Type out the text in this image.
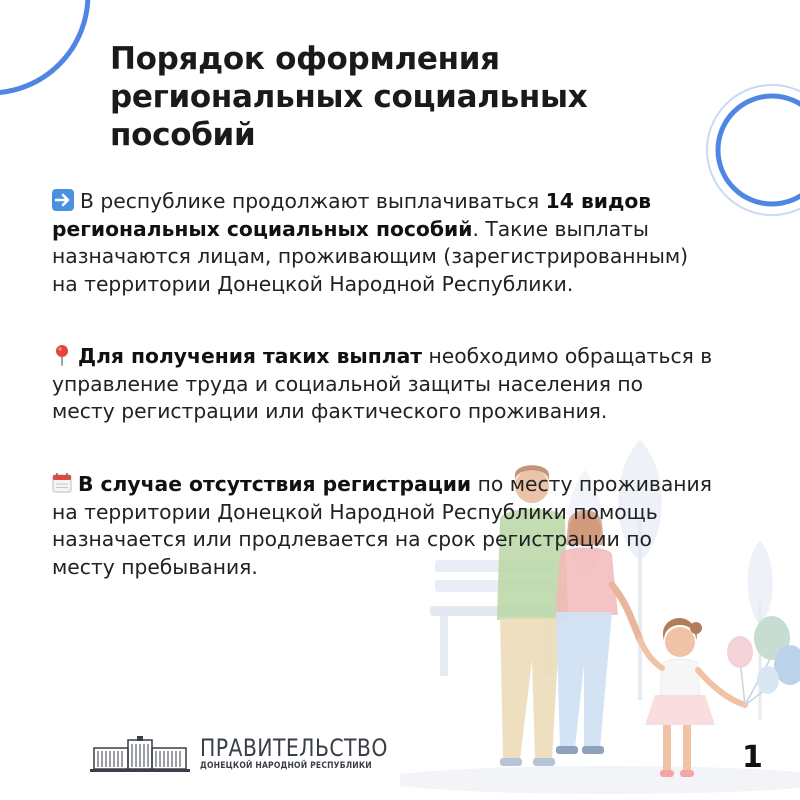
Порядок оформления
региональных социальных
пособий

В республике продолжают выплачиваться 14 видов
региональных социальных пособий. Такие выплаты
назначаются лицам, проживающим (зарегистрированным)
на территории Донецкой Народной Республики.

Для получения таких выплат необходимо обращаться в
управление труда и социальной защиты населения по
месту регистрации или фактического проживания.

В случае отсутствия регистрации по месту проживания
на территории Донецкой Народной Республики помощь
назначается или продлевается на срок регистрации по
месту пребывания.

ПРАВИТЕЛЬСТВО
ДОНЕЦКОЙ НАРОДНОЙ РЕСПУБЛИКИ	1
